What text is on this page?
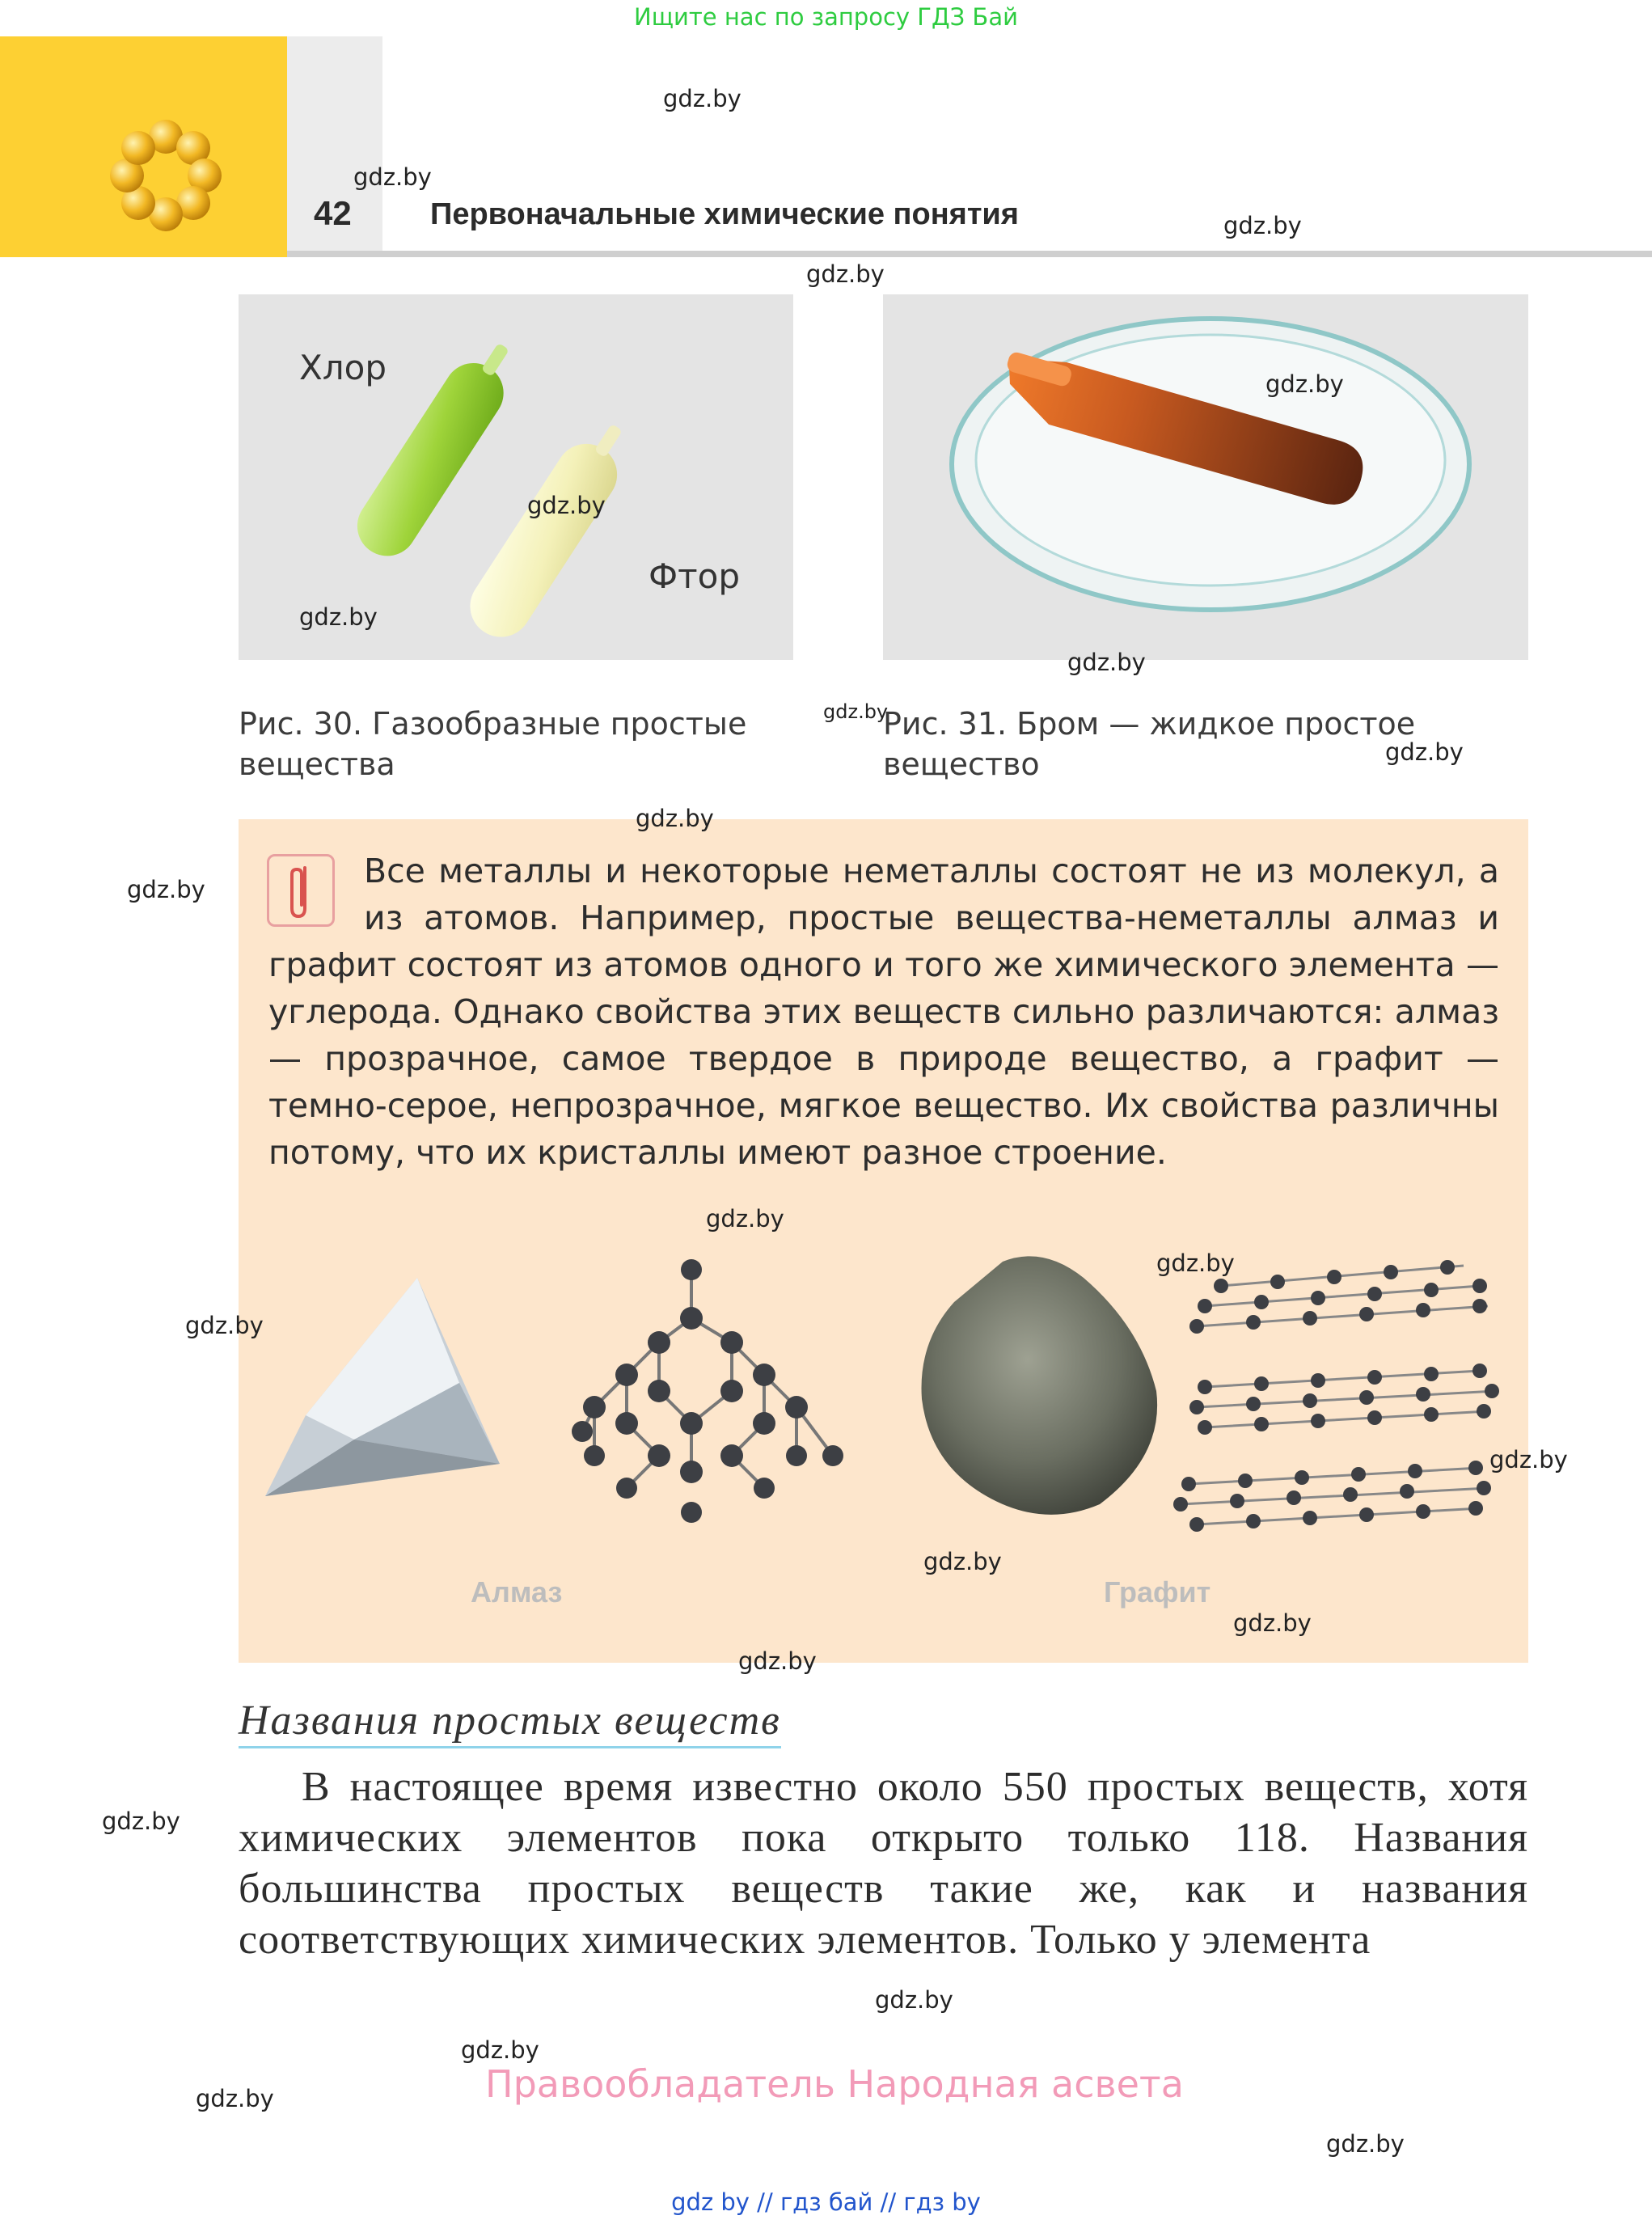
Ищите нас по запросу ГДЗ Бай
42	Первоначальные химические понятия
Хлор
Фтор
Рис. 30. Газообразные простые
вещества
Рис. 31. Бром — жидкое простое
вещество
Все металлы и некоторые неметаллы состоят не из молекул, а из атомов. Например, простые вещества-неметаллы алмаз и графит состоят из атомов одного и того же химического элемента — углерода. Однако свойства этих веществ сильно различаются: алмаз — прозрачное, самое твердое в природе вещество, а графит — темно-серое, непрозрачное, мягкое вещество. Их свойства различны потому, что их кристаллы имеют разное строение.
Алмаз	Графит
Названия простых веществ
В настоящее время известно около 550 простых веществ, хотя химических элементов пока открыто только 118. Названия большинства простых веществ такие же, как и названия соответствующих химических элементов. Только у элемента
Правообладатель Народная асвета
gdz by // гдз бай // гдз by
gdz.by
gdz.by
gdz.by
gdz.by
gdz.by
gdz.by
gdz.by
gdz.by
gdz.by
gdz.by
gdz.by
gdz.by
gdz.by
gdz.by
gdz.by
gdz.by
gdz.by
gdz.by
gdz.by
gdz.by
gdz.by
gdz.by
gdz.by
gdz.by
